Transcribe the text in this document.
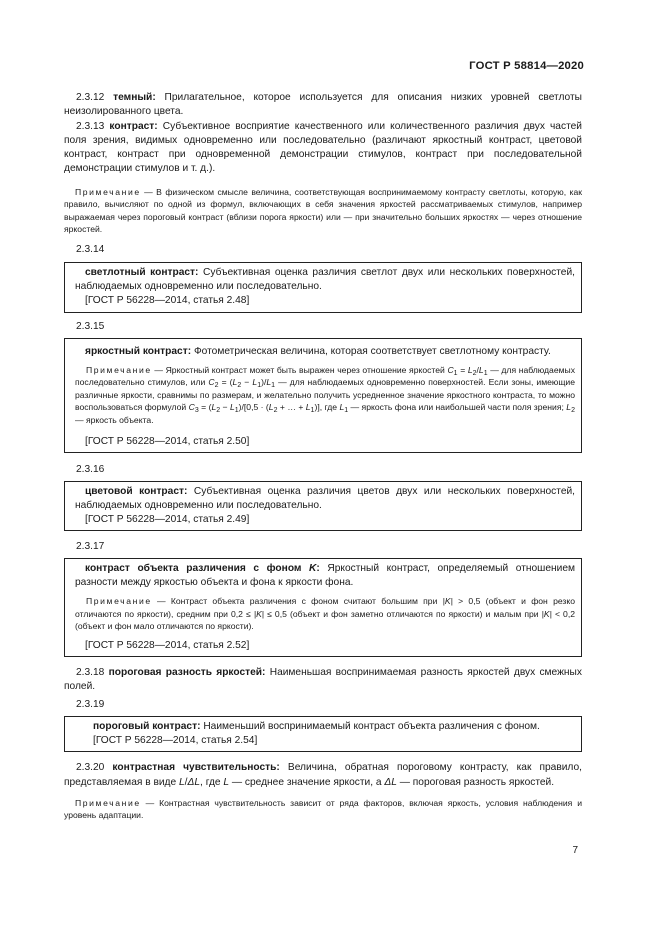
ГОСТ Р 58814—2020

2.3.12 темный: Прилагательное, которое используется для описания низких уровней светлоты неизолированного цвета.

2.3.13 контраст: Субъективное восприятие качественного или количественного различия двух частей поля зрения, видимых одновременно или последовательно (различают яркостный контраст, цветовой контраст, контраст при одновременной демонстрации стимулов, контраст при последовательной демонстрации стимулов и т. д.).

Примечание — В физическом смысле величина, соответствующая воспринимаемому контрасту светлоты, которую, как правило, вычисляют по одной из формул, включающих в себя значения яркостей рассматриваемых стимулов, например выражаемая через пороговый контраст (вблизи порога яркости) или — при значительно больших яркостях — через отношение яркостей.

2.3.14

светлотный контраст: Субъективная оценка различия светлот двух или нескольких поверхностей, наблюдаемых одновременно или последовательно.

[ГОСТ Р 56228—2014, статья 2.48]

2.3.15

яркостный контраст: Фотометрическая величина, которая соответствует светлотному контрасту.

Примечание — Яркостный контраст может быть выражен через отношение яркостей $C_1 = L_2/L_1$ — для наблюдаемых последовательно стимулов, или $C_2 = (L_2 - L_1)/L_1$ — для наблюдаемых одновременно поверхностей. Если зоны, имеющие различные яркости, сравнимы по размерам, и желательно получить усредненное значение яркостного контраста, то можно воспользоваться формулой $C_3 = (L_2 - L_1)/[0,5 \cdot (L_2$ + … + $L_1$)], где $L_1$ — яркость фона или наибольшей части поля зрения; $L_2$ — яркость объекта.

[ГОСТ Р 56228—2014, статья 2.50]

2.3.16

цветовой контраст: Субъективная оценка различия цветов двух или нескольких поверхностей, наблюдаемых одновременно или последовательно.

[ГОСТ Р 56228—2014, статья 2.49]

2.3.17

контраст объекта различения с фоном K: Яркостный контраст, определяемый отношением разности между яркостью объекта и фона к яркости фона.

Примечание — Контраст объекта различения с фоном считают большим при |K| > 0,5 (объект и фон резко отличаются по яркости), средним при 0,2 ≤ |K| ≤ 0,5 (объект и фон заметно отличаются по яркости) и малым при |K| < 0,2 (объект и фон мало отличаются по яркости).

[ГОСТ Р 56228—2014, статья 2.52]

2.3.18 пороговая разность яркостей: Наименьшая воспринимаемая разность яркостей двух смежных полей.

2.3.19

пороговый контраст: Наименьший воспринимаемый контраст объекта различения с фоном.

[ГОСТ Р 56228—2014, статья 2.54]

2.3.20 контрастная чувствительность: Величина, обратная пороговому контрасту, как правило, представляемая в виде L/ΔL, где L — среднее значение яркости, а ΔL — пороговая разность яркостей.

Примечание — Контрастная чувствительность зависит от ряда факторов, включая яркость, условия наблюдения и уровень адаптации.

7
